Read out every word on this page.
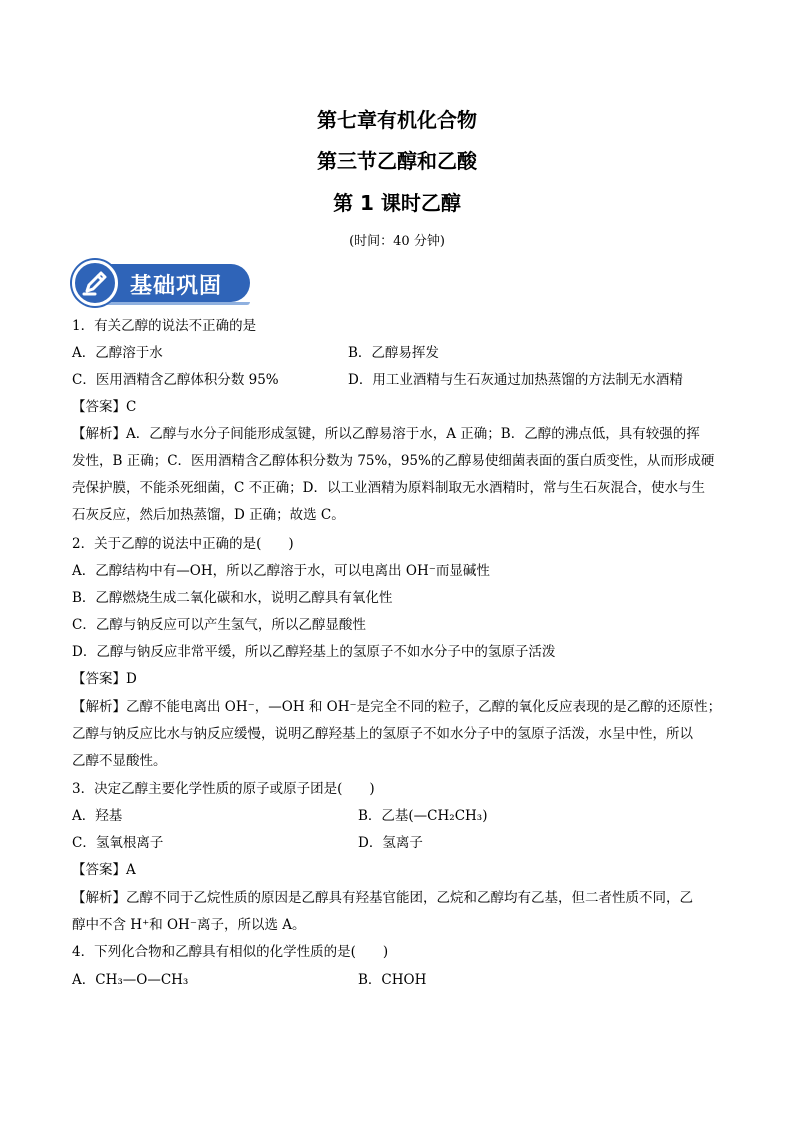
第七章有机化合物
第三节乙醇和乙酸
第 1 课时乙醇
(时间：40 分钟)
基础巩固
1．有关乙醇的说法不正确的是
A．乙醇溶于水	B．乙醇易挥发
C．医用酒精含乙醇体积分数 95%	D．用工业酒精与生石灰通过加热蒸馏的方法制无水酒精
【答案】C
【解析】A．乙醇与水分子间能形成氢键，所以乙醇易溶于水，A 正确；B．乙醇的沸点低，具有较强的挥
发性，B 正确；C．医用酒精含乙醇体积分数为 75%，95%的乙醇易使细菌表面的蛋白质变性，从而形成硬
壳保护膜，不能杀死细菌，C 不正确；D．以工业酒精为原料制取无水酒精时，常与生石灰混合，使水与生
石灰反应，然后加热蒸馏，D 正确；故选 C。
2．关于乙醇的说法中正确的是(　　)
A．乙醇结构中有—OH，所以乙醇溶于水，可以电离出 OH⁻而显碱性
B．乙醇燃烧生成二氧化碳和水，说明乙醇具有氧化性
C．乙醇与钠反应可以产生氢气，所以乙醇显酸性
D．乙醇与钠反应非常平缓，所以乙醇羟基上的氢原子不如水分子中的氢原子活泼
【答案】D
【解析】乙醇不能电离出 OH⁻，—OH 和 OH⁻是完全不同的粒子，乙醇的氧化反应表现的是乙醇的还原性；
乙醇与钠反应比水与钠反应缓慢，说明乙醇羟基上的氢原子不如水分子中的氢原子活泼，水呈中性，所以
乙醇不显酸性。
3．决定乙醇主要化学性质的原子或原子团是(　　)
A．羟基	B．乙基(—CH₂CH₃)
C．氢氧根离子	D．氢离子
【答案】A
【解析】乙醇不同于乙烷性质的原因是乙醇具有羟基官能团，乙烷和乙醇均有乙基，但二者性质不同，乙
醇中不含 H⁺和 OH⁻离子，所以选 A。
4．下列化合物和乙醇具有相似的化学性质的是(　　)
A．CH₃—O—CH₃	B．CHOH
